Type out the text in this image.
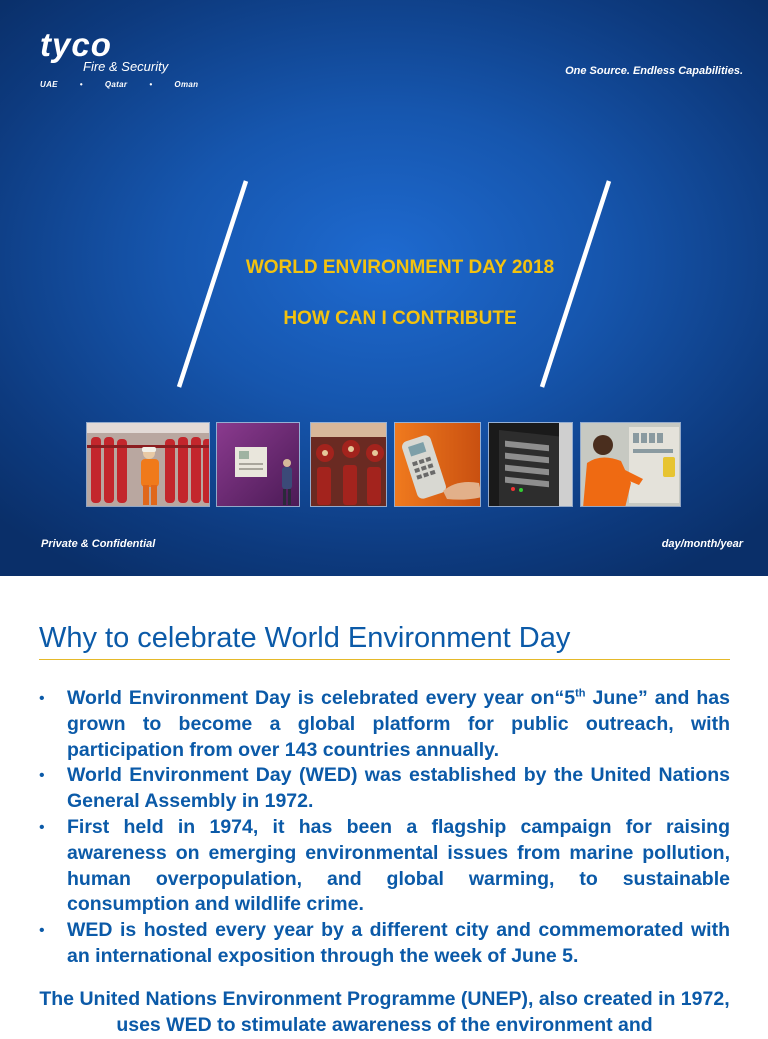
tyco
Fire & Security
UAE	•	Qatar	•	Oman
One Source. Endless Capabilities.
WORLD ENVIRONMENT DAY 2018
HOW CAN I CONTRIBUTE
Private & Confidential	day/month/year
Why to celebrate World Environment Day
• World Environment Day is celebrated every year on“5th June” and has grown to become a global platform for public outreach, with participation from over 143 countries annually.
• World Environment Day (WED) was established by the United Nations General Assembly in 1972.
• First held in 1974, it has been a flagship campaign for raising awareness on emerging environmental issues from marine pollution, human overpopulation, and global warming, to sustainable consumption and wildlife crime.
• WED is hosted every year by a different city and commemorated with an international exposition through the week of June 5.
The United Nations Environment Programme (UNEP), also created in 1972, uses WED to stimulate awareness of the environment and
